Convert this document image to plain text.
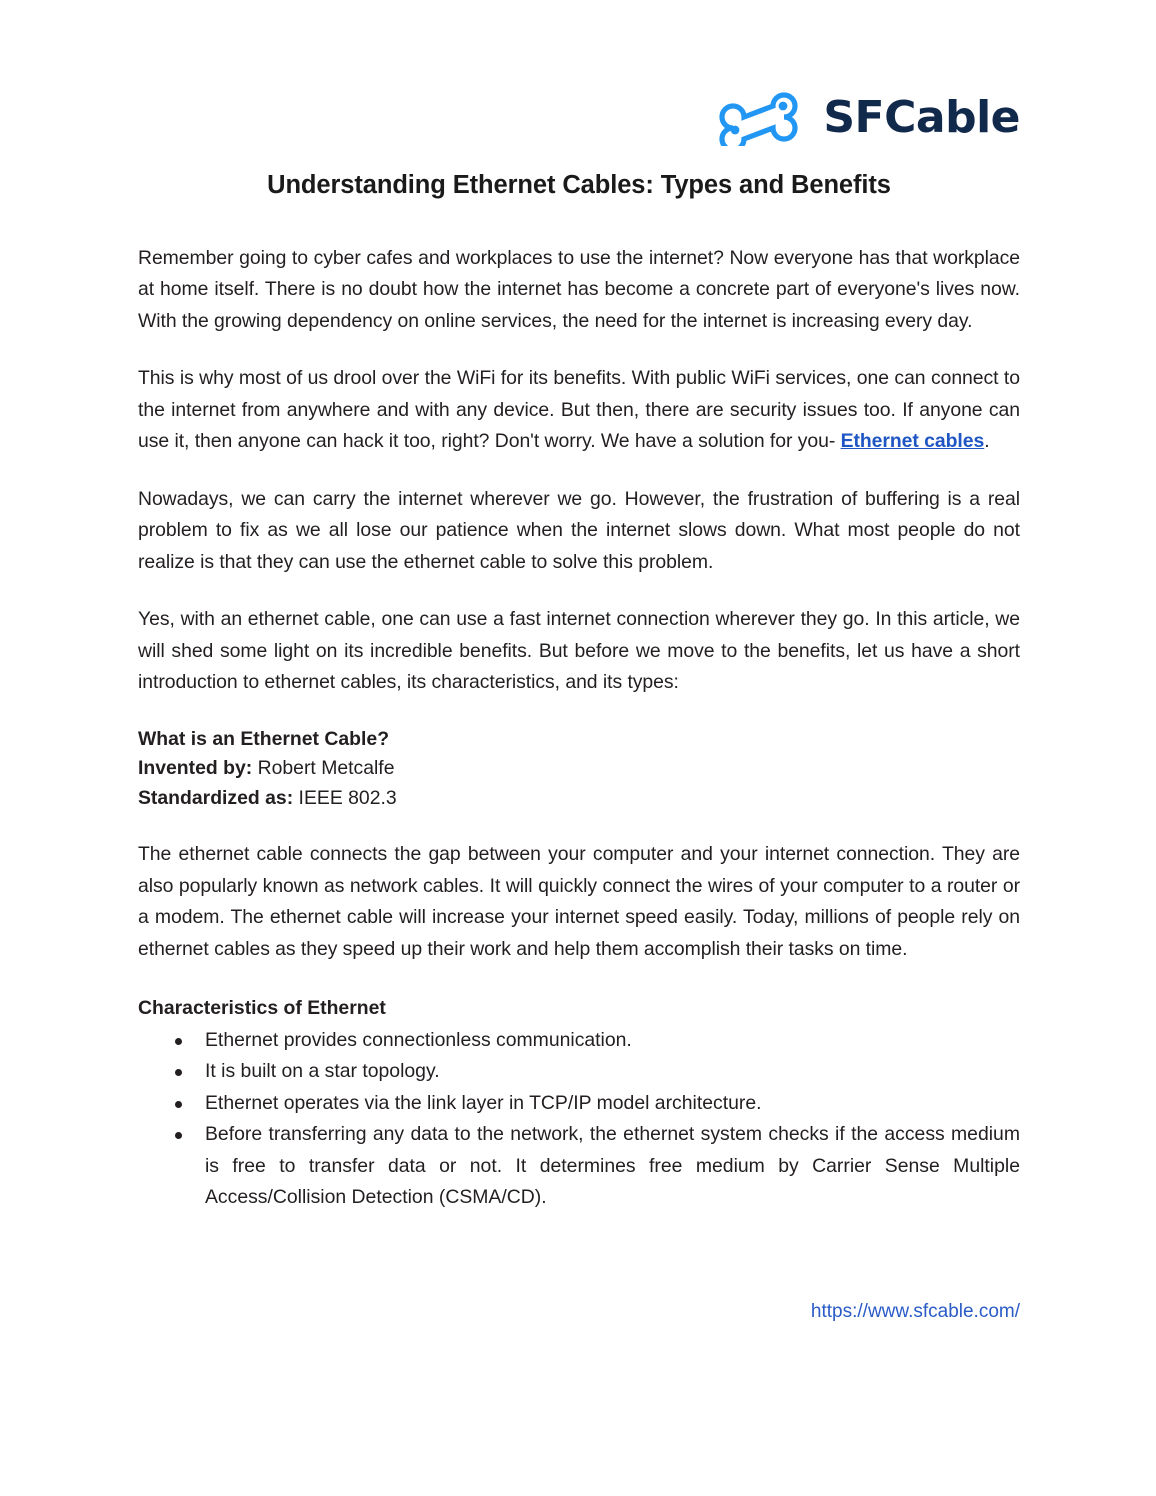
SFCable
Understanding Ethernet Cables: Types and Benefits

Remember going to cyber cafes and workplaces to use the internet? Now everyone has that workplace at home itself. There is no doubt how the internet has become a concrete part of everyone's lives now. With the growing dependency on online services, the need for the internet is increasing every day.

This is why most of us drool over the WiFi for its benefits. With public WiFi services, one can connect to the internet from anywhere and with any device. But then, there are security issues too. If anyone can use it, then anyone can hack it too, right? Don't worry. We have a solution for you- Ethernet cables.

Nowadays, we can carry the internet wherever we go. However, the frustration of buffering is a real problem to fix as we all lose our patience when the internet slows down. What most people do not realize is that they can use the ethernet cable to solve this problem.

Yes, with an ethernet cable, one can use a fast internet connection wherever they go. In this article, we will shed some light on its incredible benefits. But before we move to the benefits, let us have a short introduction to ethernet cables, its characteristics, and its types:

What is an Ethernet Cable?
Invented by: Robert Metcalfe
Standardized as: IEEE 802.3

The ethernet cable connects the gap between your computer and your internet connection. They are also popularly known as network cables. It will quickly connect the wires of your computer to a router or a modem. The ethernet cable will increase your internet speed easily. Today, millions of people rely on ethernet cables as they speed up their work and help them accomplish their tasks on time.

Characteristics of Ethernet
Ethernet provides connectionless communication.
It is built on a star topology.
Ethernet operates via the link layer in TCP/IP model architecture.
Before transferring any data to the network, the ethernet system checks if the access medium is free to transfer data or not. It determines free medium by Carrier Sense Multiple Access/Collision Detection (CSMA/CD).
https://www.sfcable.com/
